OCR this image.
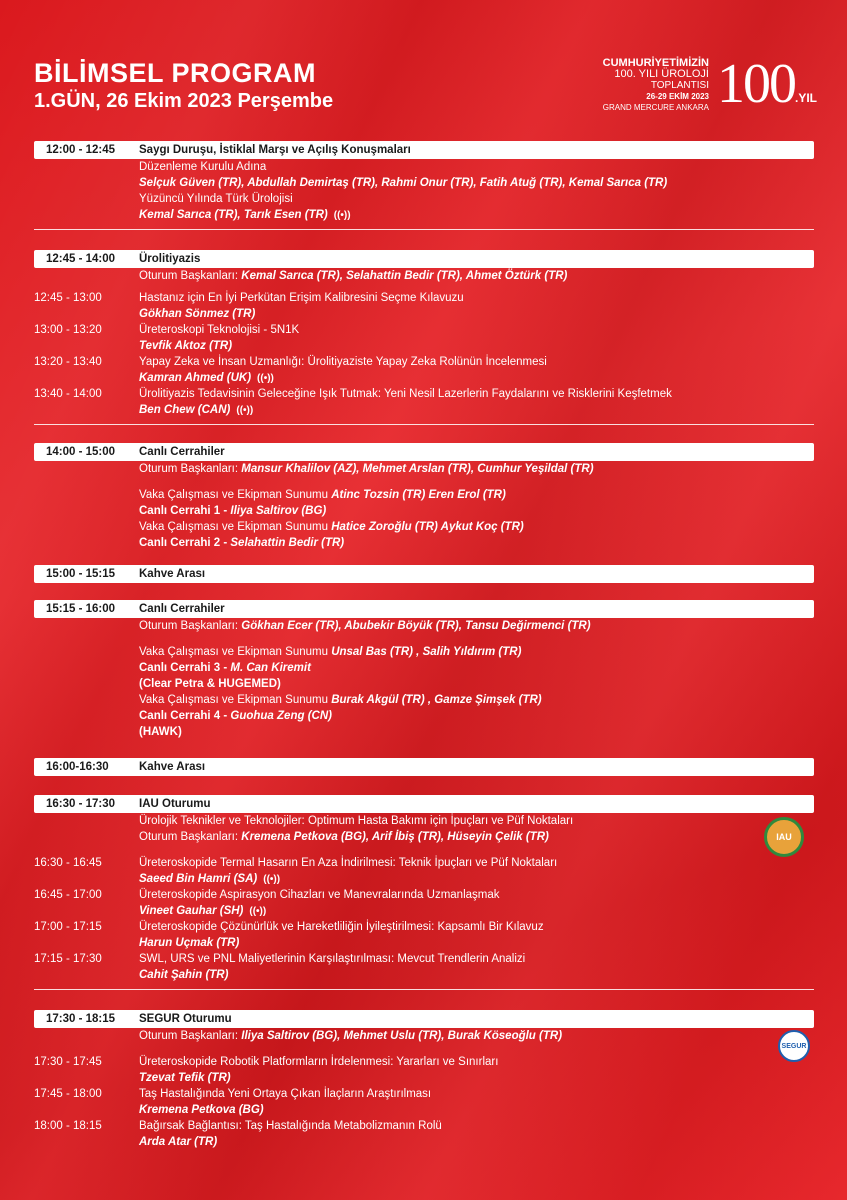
BİLİMSEL PROGRAM
1.GÜN, 26 Ekim 2023 Perşembe
CUMHURİYETİMİZİN
100. YILI ÜROLOJİ
TOPLANTISI
26-29 EKİM 2023
GRAND MERCURE ANKARA 100.YIL
12:00 - 12:45	Saygı Duruşu, İstiklal Marşı ve Açılış Konuşmaları
Düzenleme Kurulu Adına
Selçuk Güven (TR), Abdullah Demirtaş (TR), Rahmi Onur (TR), Fatih Atuğ (TR), Kemal Sarıca (TR)
Yüzüncü Yılında Türk Ürolojisi
Kemal Sarıca (TR), Tarık Esen (TR) ((•))
12:45 - 14:00	Ürolitiyazis
Oturum Başkanları: Kemal Sarıca (TR), Selahattin Bedir (TR), Ahmet Öztürk (TR)
12:45 - 13:00	Hastanız için En İyi Perkütan Erişim Kalibresini Seçme Kılavuzu
Gökhan Sönmez (TR)
13:00 - 13:20	Üreteroskopi Teknolojisi - 5N1K
Tevfik Aktoz (TR)
13:20 - 13:40	Yapay Zeka ve İnsan Uzmanlığı: Ürolitiyaziste Yapay Zeka Rolünün İncelenmesi
Kamran Ahmed (UK) ((•))
13:40 - 14:00	Ürolitiyazis Tedavisinin Geleceğine Işık Tutmak: Yeni Nesil Lazerlerin Faydalarını ve Risklerini Keşfetmek
Ben Chew (CAN) ((•))
14:00 - 15:00	Canlı Cerrahiler
Oturum Başkanları: Mansur Khalilov (AZ), Mehmet Arslan (TR), Cumhur Yeşildal (TR)
Vaka Çalışması ve Ekipman Sunumu Atinc Tozsin (TR) Eren Erol (TR)
Canlı Cerrahi 1 - Iliya Saltirov (BG)
Vaka Çalışması ve Ekipman Sunumu Hatice Zoroğlu (TR) Aykut Koç (TR)
Canlı Cerrahi 2 - Selahattin Bedir (TR)
15:00 - 15:15	Kahve Arası
15:15 - 16:00	Canlı Cerrahiler
Oturum Başkanları: Gökhan Ecer (TR), Abubekir Böyük (TR), Tansu Değirmenci (TR)
Vaka Çalışması ve Ekipman Sunumu Unsal Bas (TR) , Salih Yıldırım (TR)
Canlı Cerrahi 3 - M. Can Kiremit
(Clear Petra & HUGEMED)
Vaka Çalışması ve Ekipman Sunumu Burak Akgül (TR) , Gamze Şimşek (TR)
Canlı Cerrahi 4 - Guohua Zeng (CN)
(HAWK)
16:00-16:30	Kahve Arası
16:30 - 17:30	IAU Oturumu
IAU
Ürolojik Teknikler ve Teknolojiler: Optimum Hasta Bakımı için İpuçları ve Püf Noktaları
Oturum Başkanları: Kremena Petkova (BG), Arif İbiş (TR), Hüseyin Çelik (TR)
16:30 - 16:45	Üreteroskopide Termal Hasarın En Aza İndirilmesi: Teknik İpuçları ve Püf Noktaları
Saeed Bin Hamri (SA) ((•))
16:45 - 17:00	Üreteroskopide Aspirasyon Cihazları ve Manevralarında Uzmanlaşmak
Vineet Gauhar (SH) ((•))
17:00 - 17:15	Üreteroskopide Çözünürlük ve Hareketliliğin İyileştirilmesi: Kapsamlı Bir Kılavuz
Harun Uçmak (TR)
17:15 - 17:30	SWL, URS ve PNL Maliyetlerinin Karşılaştırılması: Mevcut Trendlerin Analizi
Cahit Şahin (TR)
17:30 - 18:15	SEGUR Oturumu
SEGUR
Oturum Başkanları: Iliya Saltirov (BG), Mehmet Uslu (TR), Burak Köseoğlu (TR)
17:30 - 17:45	Üreteroskopide Robotik Platformların İrdelenmesi: Yararları ve Sınırları
Tzevat Tefik (TR)
17:45 - 18:00	Taş Hastalığında Yeni Ortaya Çıkan İlaçların Araştırılması
Kremena Petkova (BG)
18:00 - 18:15	Bağırsak Bağlantısı: Taş Hastalığında Metabolizmanın Rolü
Arda Atar (TR)
